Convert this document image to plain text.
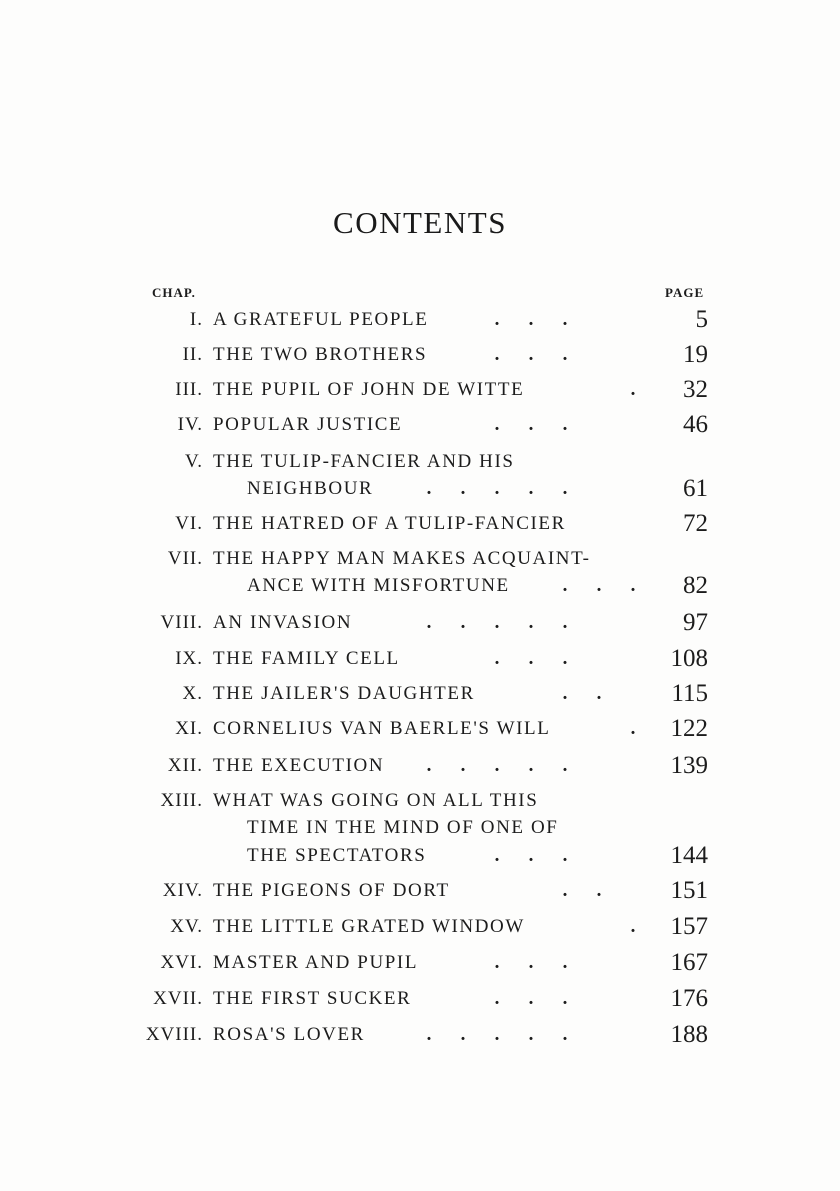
CONTENTS
CHAP.	PAGE
I. A GRATEFUL PEOPLE	. . .	5
II. THE TWO BROTHERS	. . .	19
III. THE PUPIL OF JOHN DE WITTE	.	32
IV. POPULAR JUSTICE	. . .	46
V. THE TULIP-FANCIER AND HIS
NEIGHBOUR	. . . . .	61
VI. THE HATRED OF A TULIP-FANCIER	72
VII. THE HAPPY MAN MAKES ACQUAINT-
ANCE WITH MISFORTUNE	. . .	82
VIII. AN INVASION	. . . . .	97
IX. THE FAMILY CELL	. . .	108
X. THE JAILER'S DAUGHTER	. .	115
XI. CORNELIUS VAN BAERLE'S WILL	.	122
XII. THE EXECUTION	. . . . .	139
XIII. WHAT WAS GOING ON ALL THIS
TIME IN THE MIND OF ONE OF
THE SPECTATORS	. . .	144
XIV. THE PIGEONS OF DORT	. .	151
XV. THE LITTLE GRATED WINDOW	.	157
XVI. MASTER AND PUPIL	. . .	167
XVII. THE FIRST SUCKER	. . .	176
XVIII. ROSA'S LOVER	. . . . .	188
